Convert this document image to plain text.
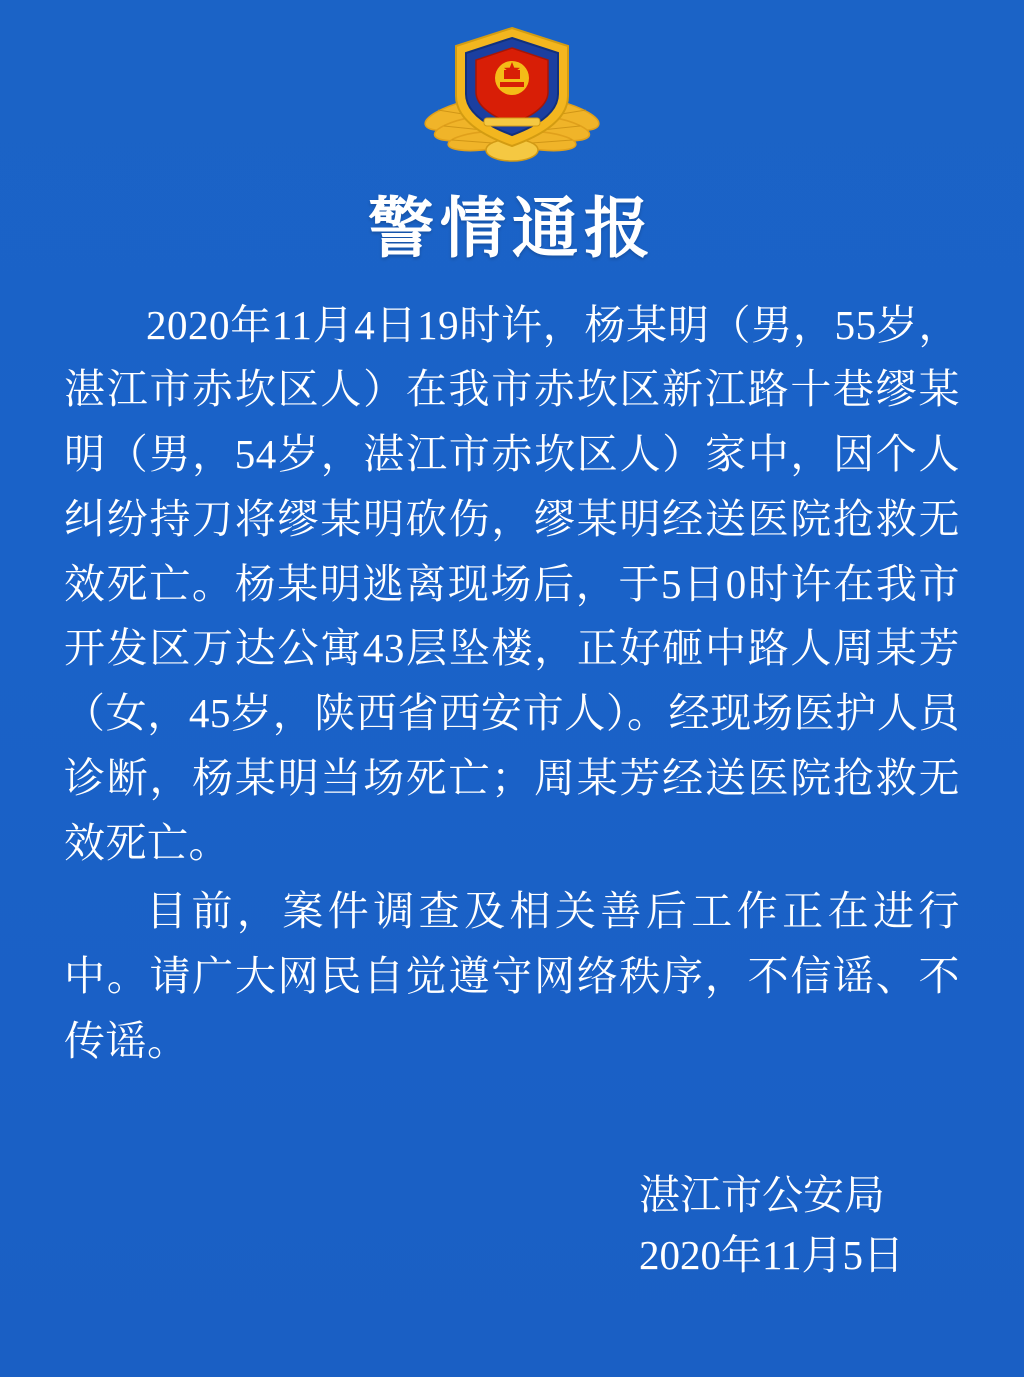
警情通报

2020年11月4日19时许，杨某明（男，55岁，湛江市赤坎区人）在我市赤坎区新江路十巷缪某明（男，54岁，湛江市赤坎区人）家中，因个人纠纷持刀将缪某明砍伤，缪某明经送医院抢救无效死亡。杨某明逃离现场后，于5日0时许在我市开发区万达公寓43层坠楼，正好砸中路人周某芳（女，45岁，陕西省西安市人）。经现场医护人员诊断，杨某明当场死亡；周某芳经送医院抢救无效死亡。

目前，案件调查及相关善后工作正在进行中。请广大网民自觉遵守网络秩序，不信谣、不传谣。

湛江市公安局
2020年11月5日
